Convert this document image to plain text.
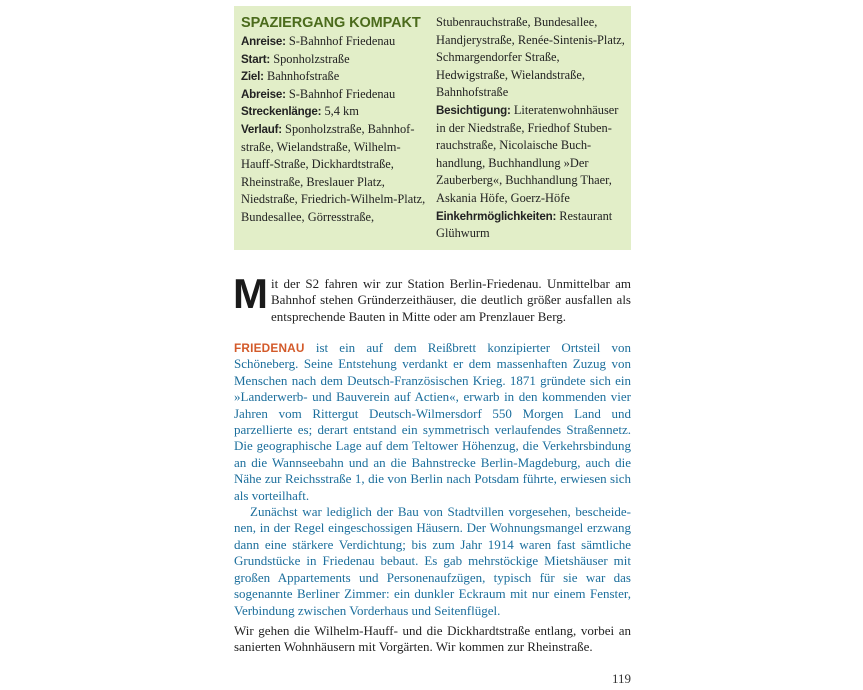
SPAZIERGANG KOMPAKT

Anreise: S-Bahnhof Friedenau

Start: Sponholzstraße

Ziel: Bahnhofstraße

Abreise: S-Bahnhof Friedenau

Streckenlänge: 5,4 km

Verlauf: Sponholzstraße, Bahnhofstraße, Wielandstraße, Wilhelm-Hauff-Straße, Dickhardtstraße, Rheinstraße, Breslauer Platz, Niedstraße, Friedrich-Wilhelm-Platz, Bundesallee, Görresstraße,

Stubenrauchstraße, Bundesallee, Handjerystraße, Renée-Sintenis-Platz, Schmargendorfer Straße, Hedwigstraße, Wielandstraße, Bahnhofstraße

Besichtigung: Literatenwohnhäuser in der Niedstraße, Friedhof Stubenrauchstraße, Nicolaische Buchhandlung, Buchhandlung »Der Zauberberg«, Buchhandlung Thaer, Askania Höfe, Goerz-Höfe

Einkehrmöglichkeiten: Restaurant Glühwurm

Mit der S2 fahren wir zur Station Berlin-Friedenau. Unmittelbar am Bahnhof stehen Gründerzeithäuser, die deutlich größer ausfallen als entsprechende Bauten in Mitte oder am Prenzlauer Berg.

FRIEDENAU ist ein auf dem Reißbrett konzipierter Ortsteil von Schöneberg. Seine Entstehung verdankt er dem massenhaften Zuzug von Menschen nach dem Deutsch-Französischen Krieg. 1871 gründete sich ein »Landerwerb- und Bauverein auf Actien«, erwarb in den kommenden vier Jahren vom Rittergut Deutsch-Wilmersdorf 550 Morgen Land und parzellierte es; derart entstand ein symmetrisch verlaufendes Straßennetz. Die geographische Lage auf dem Teltower Höhenzug, die Verkehrsbindung an die Wannseebahn und an die Bahnstrecke Berlin-Magdeburg, auch die Nähe zur Reichsstraße 1, die von Berlin nach Potsdam führte, erwiesen sich als vorteilhaft.

Zunächst war lediglich der Bau von Stadtvillen vorgesehen, bescheidenen, in der Regel eingeschossigen Häusern. Der Wohnungsmangel erzwang dann eine stärkere Verdichtung; bis zum Jahr 1914 waren fast sämtliche Grundstücke in Friedenau bebaut. Es gab mehrstöckige Mietshäuser mit großen Appartements und Personenaufzügen, typisch für sie war das sogenannte Berliner Zimmer: ein dunkler Eckraum mit nur einem Fenster, Verbindung zwischen Vorderhaus und Seitenflügel.

Wir gehen die Wilhelm-Hauff- und die Dickhardtstraße entlang, vorbei an sanierten Wohnhäusern mit Vorgärten. Wir kommen zur Rheinstraße.

119
